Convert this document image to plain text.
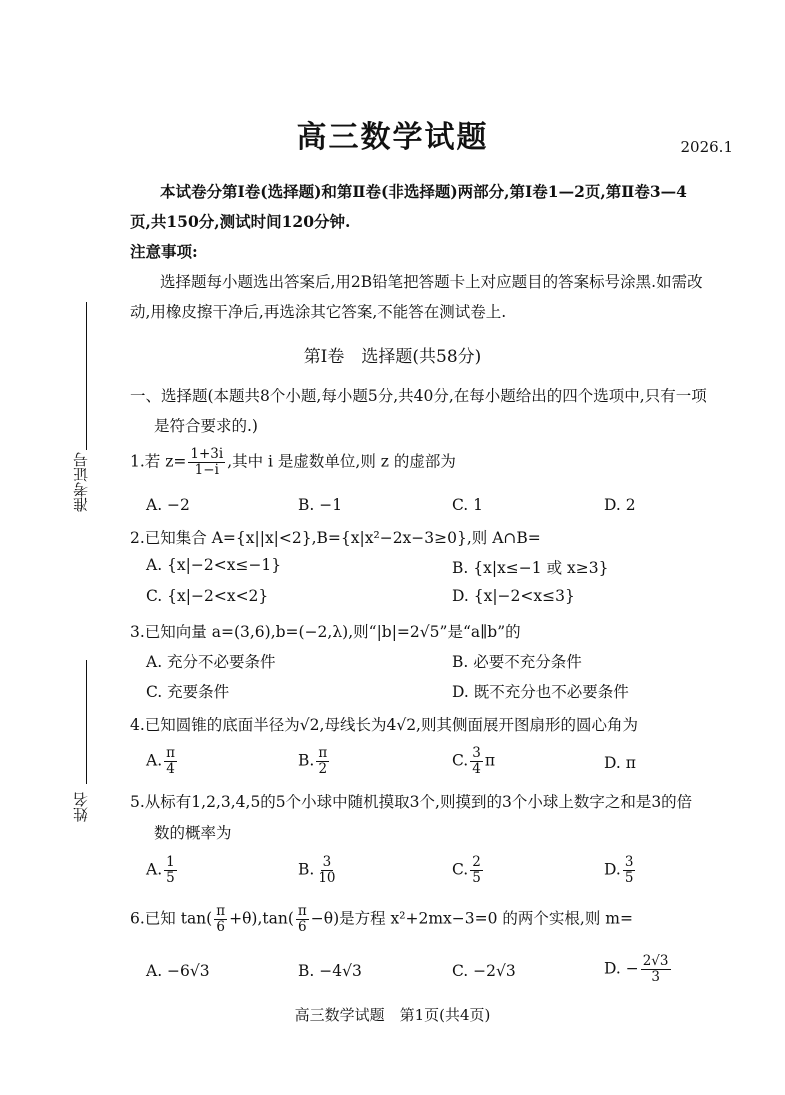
准考证号
姓名
高三数学试题	2026.1
本试卷分第Ⅰ卷(选择题)和第Ⅱ卷(非选择题)两部分,第Ⅰ卷1—2页,第Ⅱ卷3—4
页,共150分,测试时间120分钟.
注意事项:
选择题每小题选出答案后,用2B铅笔把答题卡上对应题目的答案标号涂黑.如需改
动,用橡皮擦干净后,再选涂其它答案,不能答在测试卷上.
第Ⅰ卷　选择题(共58分)
一、选择题(本题共8个小题,每小题5分,共40分,在每小题给出的四个选项中,只有一项
是符合要求的.)
1.若 $z= \frac{1+3i}{1-i}$ ,其中 i 是虚数单位,则 z 的虚部为
A. −2	B. −1	C. 1	D. 2
2.已知集合 A={x||x|<2},B={x|x²−2x−3≥0},则 A∩B=
A. {x|−2<x≤−1}	B. {x|x≤−1 或 x≥3}
C. {x|−2<x<2}	D. {x|−2<x≤3}
3.已知向量 a=(3,6),b=(−2,λ),则“|b|=2√5”是“a∥b”的
A. 充分不必要条件	B. 必要不充分条件
C. 充要条件	D. 既不充分也不必要条件
4.已知圆锥的底面半径为√2,母线长为4√2,则其侧面展开图扇形的圆心角为
A. $\frac{\pi}{4}$	B. $\frac{\pi}{2}$	C. $\frac{3}{4}$ π	D. π
5.从标有1,2,3,4,5的5个小球中随机摸取3个,则摸到的3个小球上数字之和是3的倍
数的概率为
A. $\frac{1}{5}$	B. $\frac{3}{10}$	C. $\frac{2}{5}$	D. $\frac{3}{5}$
6.已知 $\tan( \frac{\pi}{6} +\theta),\tan( \frac{\pi}{6} -\theta)$是方程 x²+2mx−3=0 的两个实根,则 m=
A. −6√3	B. −4√3	C. −2√3	D. − $\frac{2√3}{3}$
高三数学试题　第1页(共4页)
